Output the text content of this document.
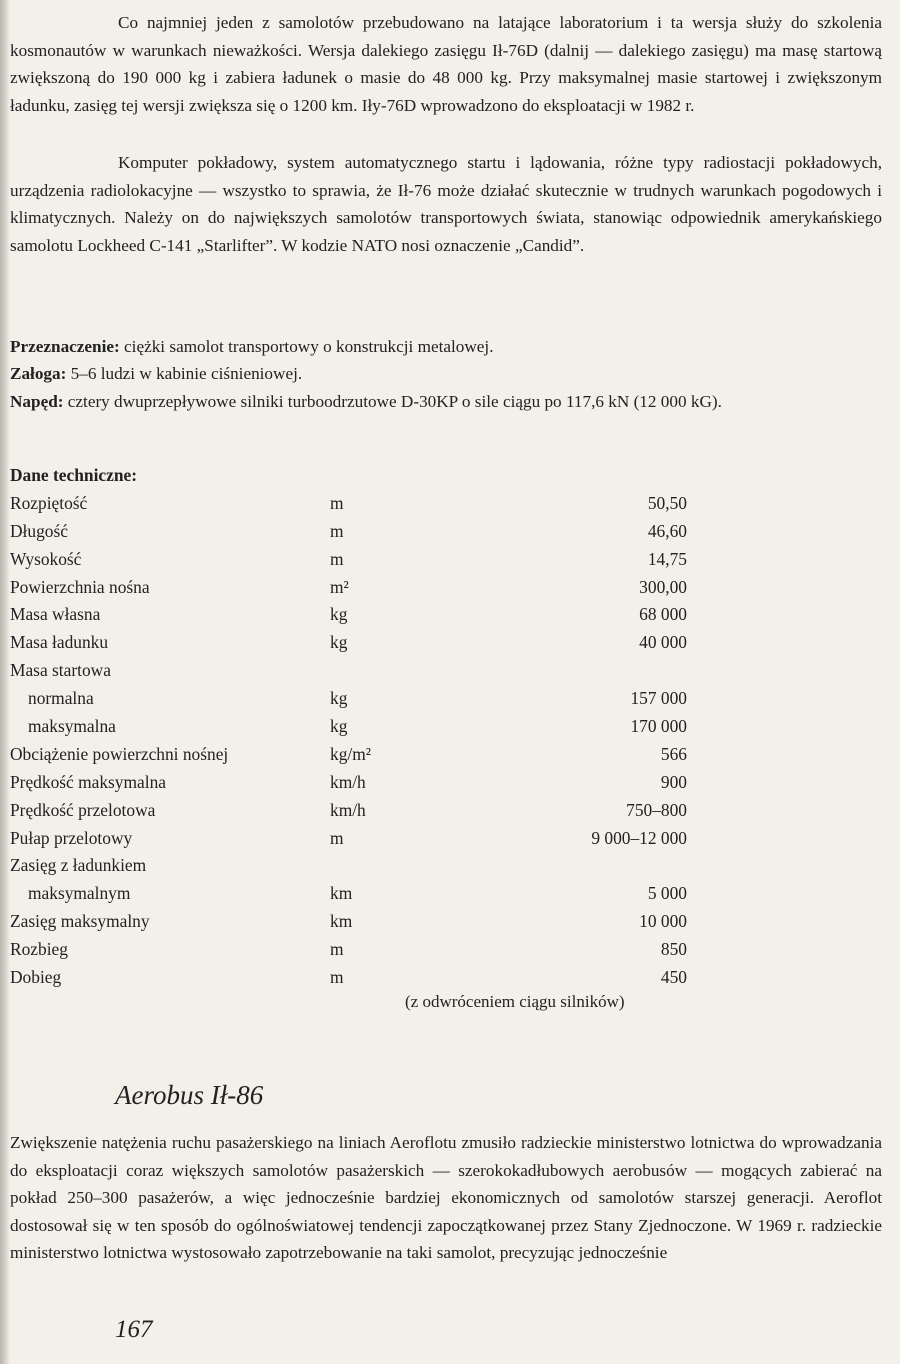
Co najmniej jeden z samolotów przebudowano na latające laboratorium i ta wersja służy do szkolenia kosmonautów w warunkach nieważkości. Wersja dalekiego zasięgu Ił-76D (dalnij — dalekiego zasięgu) ma masę startową zwiększoną do 190 000 kg i zabiera ładunek o masie do 48 000 kg. Przy maksymalnej masie startowej i zwiększonym ładunku, zasięg tej wersji zwiększa się o 1200 km. Iły-76D wprowadzono do eksploatacji w 1982 r.

Komputer pokładowy, system automatycznego startu i lądowania, różne typy radiostacji pokładowych, urządzenia radiolokacyjne — wszystko to sprawia, że Ił-76 może działać skutecznie w trudnych warunkach pogodowych i klimatycznych. Należy on do największych samolotów transportowych świata, stanowiąc odpowiednik amerykańskiego samolotu Lockheed C-141 „Starlifter”. W kodzie NATO nosi oznaczenie „Candid”.

Przeznaczenie: ciężki samolot transportowy o konstrukcji metalowej.

Załoga: 5–6 ludzi w kabinie ciśnieniowej.

Napęd: cztery dwuprzepływowe silniki turboodrzutowe D-30KP o sile ciągu po 117,6 kN (12 000 kG).

Dane techniczne:
Rozpiętość	m	50,50
Długość	m	46,60
Wysokość	m	14,75
Powierzchnia nośna	m²	300,00
Masa własna	kg	68 000
Masa ładunku	kg	40 000
Masa startowa
normalna	kg	157 000
maksymalna	kg	170 000
Obciążenie powierzchni nośnej	kg/m²	566
Prędkość maksymalna	km/h	900
Prędkość przelotowa	km/h	750–800
Pułap przelotowy	m	9 000–12 000
Zasięg z ładunkiem
maksymalnym	km	5 000
Zasięg maksymalny	km	10 000
Rozbieg	m	850
Dobieg	m	450
(z odwróceniem ciągu silników)
Aerobus Ił-86

Zwiększenie natężenia ruchu pasażerskiego na liniach Aeroflotu zmusiło radzieckie ministerstwo lotnictwa do wprowadzania do eksploatacji coraz większych samolotów pasażerskich — szerokokadłubowych aerobusów — mogących zabierać na pokład 250–300 pasażerów, a więc jednocześnie bardziej ekonomicznych od samolotów starszej generacji. Aeroflot dostosował się w ten sposób do ogólnoświatowej tendencji zapoczątkowanej przez Stany Zjednoczone. W 1969 r. radzieckie ministerstwo lotnictwa wystosowało zapotrzebowanie na taki samolot, precyzując jednocześnie

167
